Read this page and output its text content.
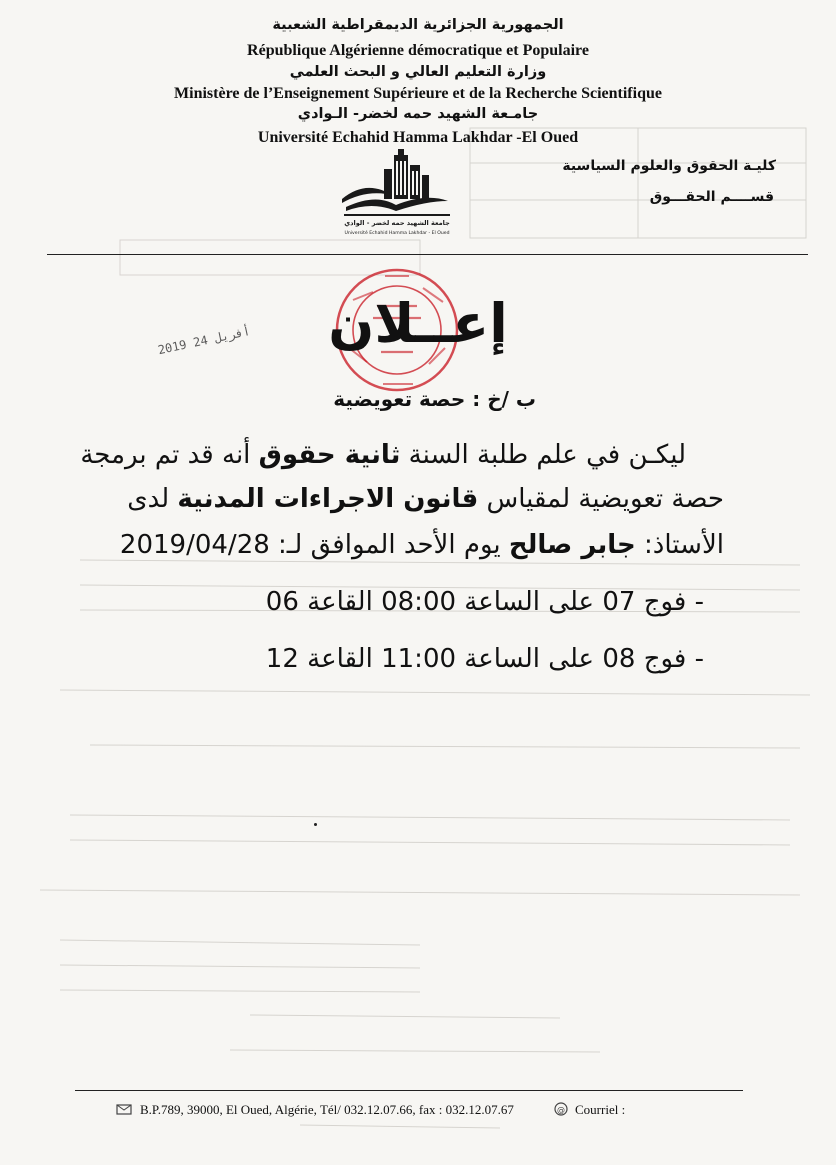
الجمهورية الجزائرية الديمقراطية الشعبية
République Algérienne démocratique et Populaire
وزارة التعليم العالي و البحث العلمي
Ministère de l’Enseignement Supérieure et de la Recherche Scientifique
جامـعة الشهيد حمه لخضر- الـوادي
Université Echahid Hamma Lakhdar -El Oued
كليـة الحقوق والعلوم السياسية
قســــم الحقـــوق
جامعة الشهيد حمه لخضر - الوادي
Université Echahid Hamma Lakhdar - El Oued
2019 أفريل 24	إعــلان
ب /خ : حصة تعويضية
ليكـن في علم طلبة السنة ثانية حقوق أنه قد تم برمجة
حصة تعويضية لمقياس قانون الاجراءات المدنية لدى
الأستاذ: جابر صالح يوم الأحد الموافق لـ: 2019/04/28
- فوج 07 على الساعة 08:00 القاعة 06
- فوج 08 على الساعة 11:00 القاعة 12
B.P.789, 39000, El Oued, Algérie, Tél/ 032.12.07.66, fax : 032.12.07.67	@ Courriel :
